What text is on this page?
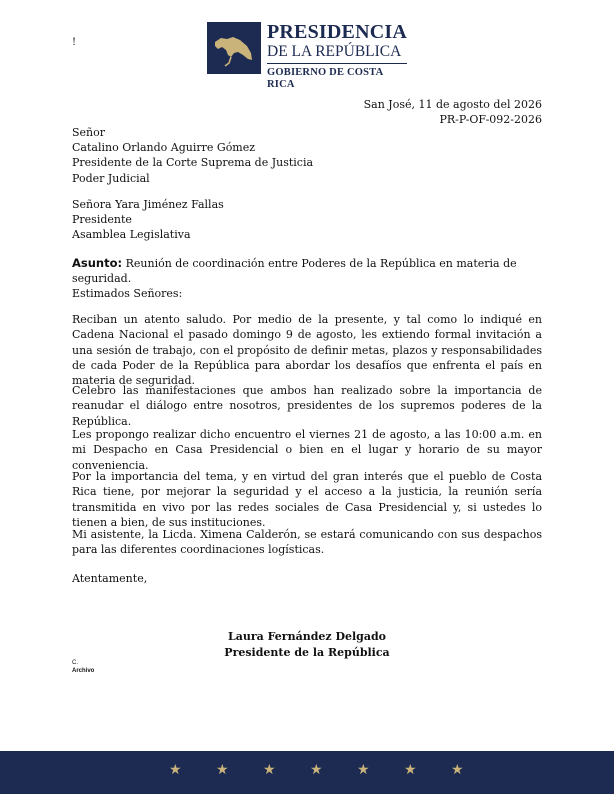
!	PRESIDENCIA
DE LA REPÚBLICA
GOBIERNO DE COSTA RICA
San José, 11 de agosto del 2026
PR-P-OF-092-2026
Señor
Catalino Orlando Aguirre Gómez
Presidente de la Corte Suprema de Justicia
Poder Judicial
Señora Yara Jiménez Fallas
Presidente
Asamblea Legislativa
Asunto: Reunión de coordinación entre Poderes de la República en materia de seguridad.
Estimados Señores:
Reciban un atento saludo. Por medio de la presente, y tal como lo indiqué en Cadena Nacional el pasado domingo 9 de agosto, les extiendo formal invitación a una sesión de trabajo, con el propósito de definir metas, plazos y responsabilidades de cada Poder de la República para abordar los desafíos que enfrenta el país en materia de seguridad.
Celebro las manifestaciones que ambos han realizado sobre la importancia de reanudar el diálogo entre nosotros, presidentes de los supremos poderes de la República.
Les propongo realizar dicho encuentro el viernes 21 de agosto, a las 10:00 a.m. en mi Despacho en Casa Presidencial o bien en el lugar y horario de su mayor conveniencia.
Por la importancia del tema, y en virtud del gran interés que el pueblo de Costa Rica tiene, por mejorar la seguridad y el acceso a la justicia, la reunión sería transmitida en vivo por las redes sociales de Casa Presidencial y, si ustedes lo tienen a bien, de sus instituciones.
Mi asistente, la Licda. Ximena Calderón, se estará comunicando con sus despachos para las diferentes coordinaciones logísticas.
Atentamente,
Laura Fernández Delgado
Presidente de la República
C.
Archivo
★ ★ ★ ★ ★ ★ ★
